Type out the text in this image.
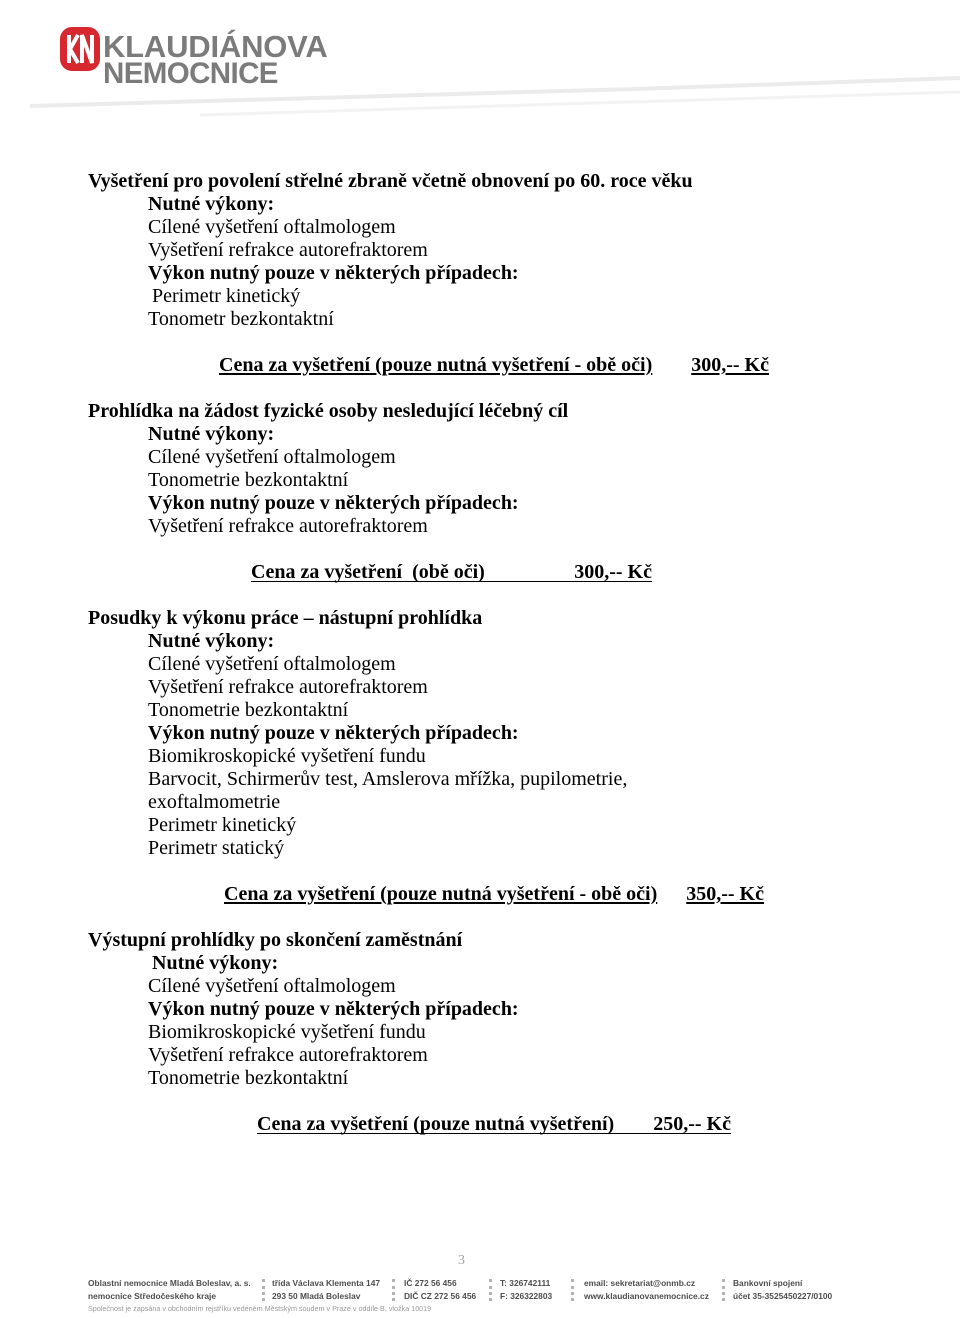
KLAUDIÁNOVA
NEMOCNICE
Vyšetření pro povolení střelné zbraně včetně obnovení po 60. roce věku
Nutné výkony:
Cílené vyšetření oftalmologem
Vyšetření refrakce autorefraktorem
Výkon nutný pouze v některých případech:
Perimetr kinetický
Tonometr bezkontaktní
Cena za vyšetření (pouze nutná vyšetření - obě oči) 300,-- Kč
Prohlídka na žádost fyzické osoby nesledující léčebný cíl
Nutné výkony:
Cílené vyšetření oftalmologem
Tonometrie bezkontaktní
Výkon nutný pouze v některých případech:
Vyšetření refrakce autorefraktorem
Cena za vyšetření  (obě oči)	300,-- Kč
Posudky k výkonu práce – nástupní prohlídka
Nutné výkony:
Cílené vyšetření oftalmologem
Vyšetření refrakce autorefraktorem
Tonometrie bezkontaktní
Výkon nutný pouze v některých případech:
Biomikroskopické vyšetření fundu
Barvocit, Schirmerův test, Amslerova mřížka, pupilometrie,
exoftalmometrie
Perimetr kinetický
Perimetr statický
Cena za vyšetření (pouze nutná vyšetření - obě oči) 350,-- Kč
Výstupní prohlídky po skončení zaměstnání
Nutné výkony:
Cílené vyšetření oftalmologem
Výkon nutný pouze v některých případech:
Biomikroskopické vyšetření fundu
Vyšetření refrakce autorefraktorem
Tonometrie bezkontaktní
Cena za vyšetření (pouze nutná vyšetření) 250,-- Kč
3
Oblastní nemocnice Mladá Boleslav, a. s.
nemocnice Středočeského kraje
třída Václava Klementa 147
293 50 Mladá Boleslav
IČ 272 56 456
DIČ CZ 272 56 456
T: 326742111
F: 326322803
email: sekretariat@onmb.cz
www.klaudianovanemocnice.cz
Bankovní spojení
účet 35-3525450227/0100
Společnost je zapsána v obchodním rejstříku vedeném Městským soudem v Praze v oddíle B, vložka 10019
